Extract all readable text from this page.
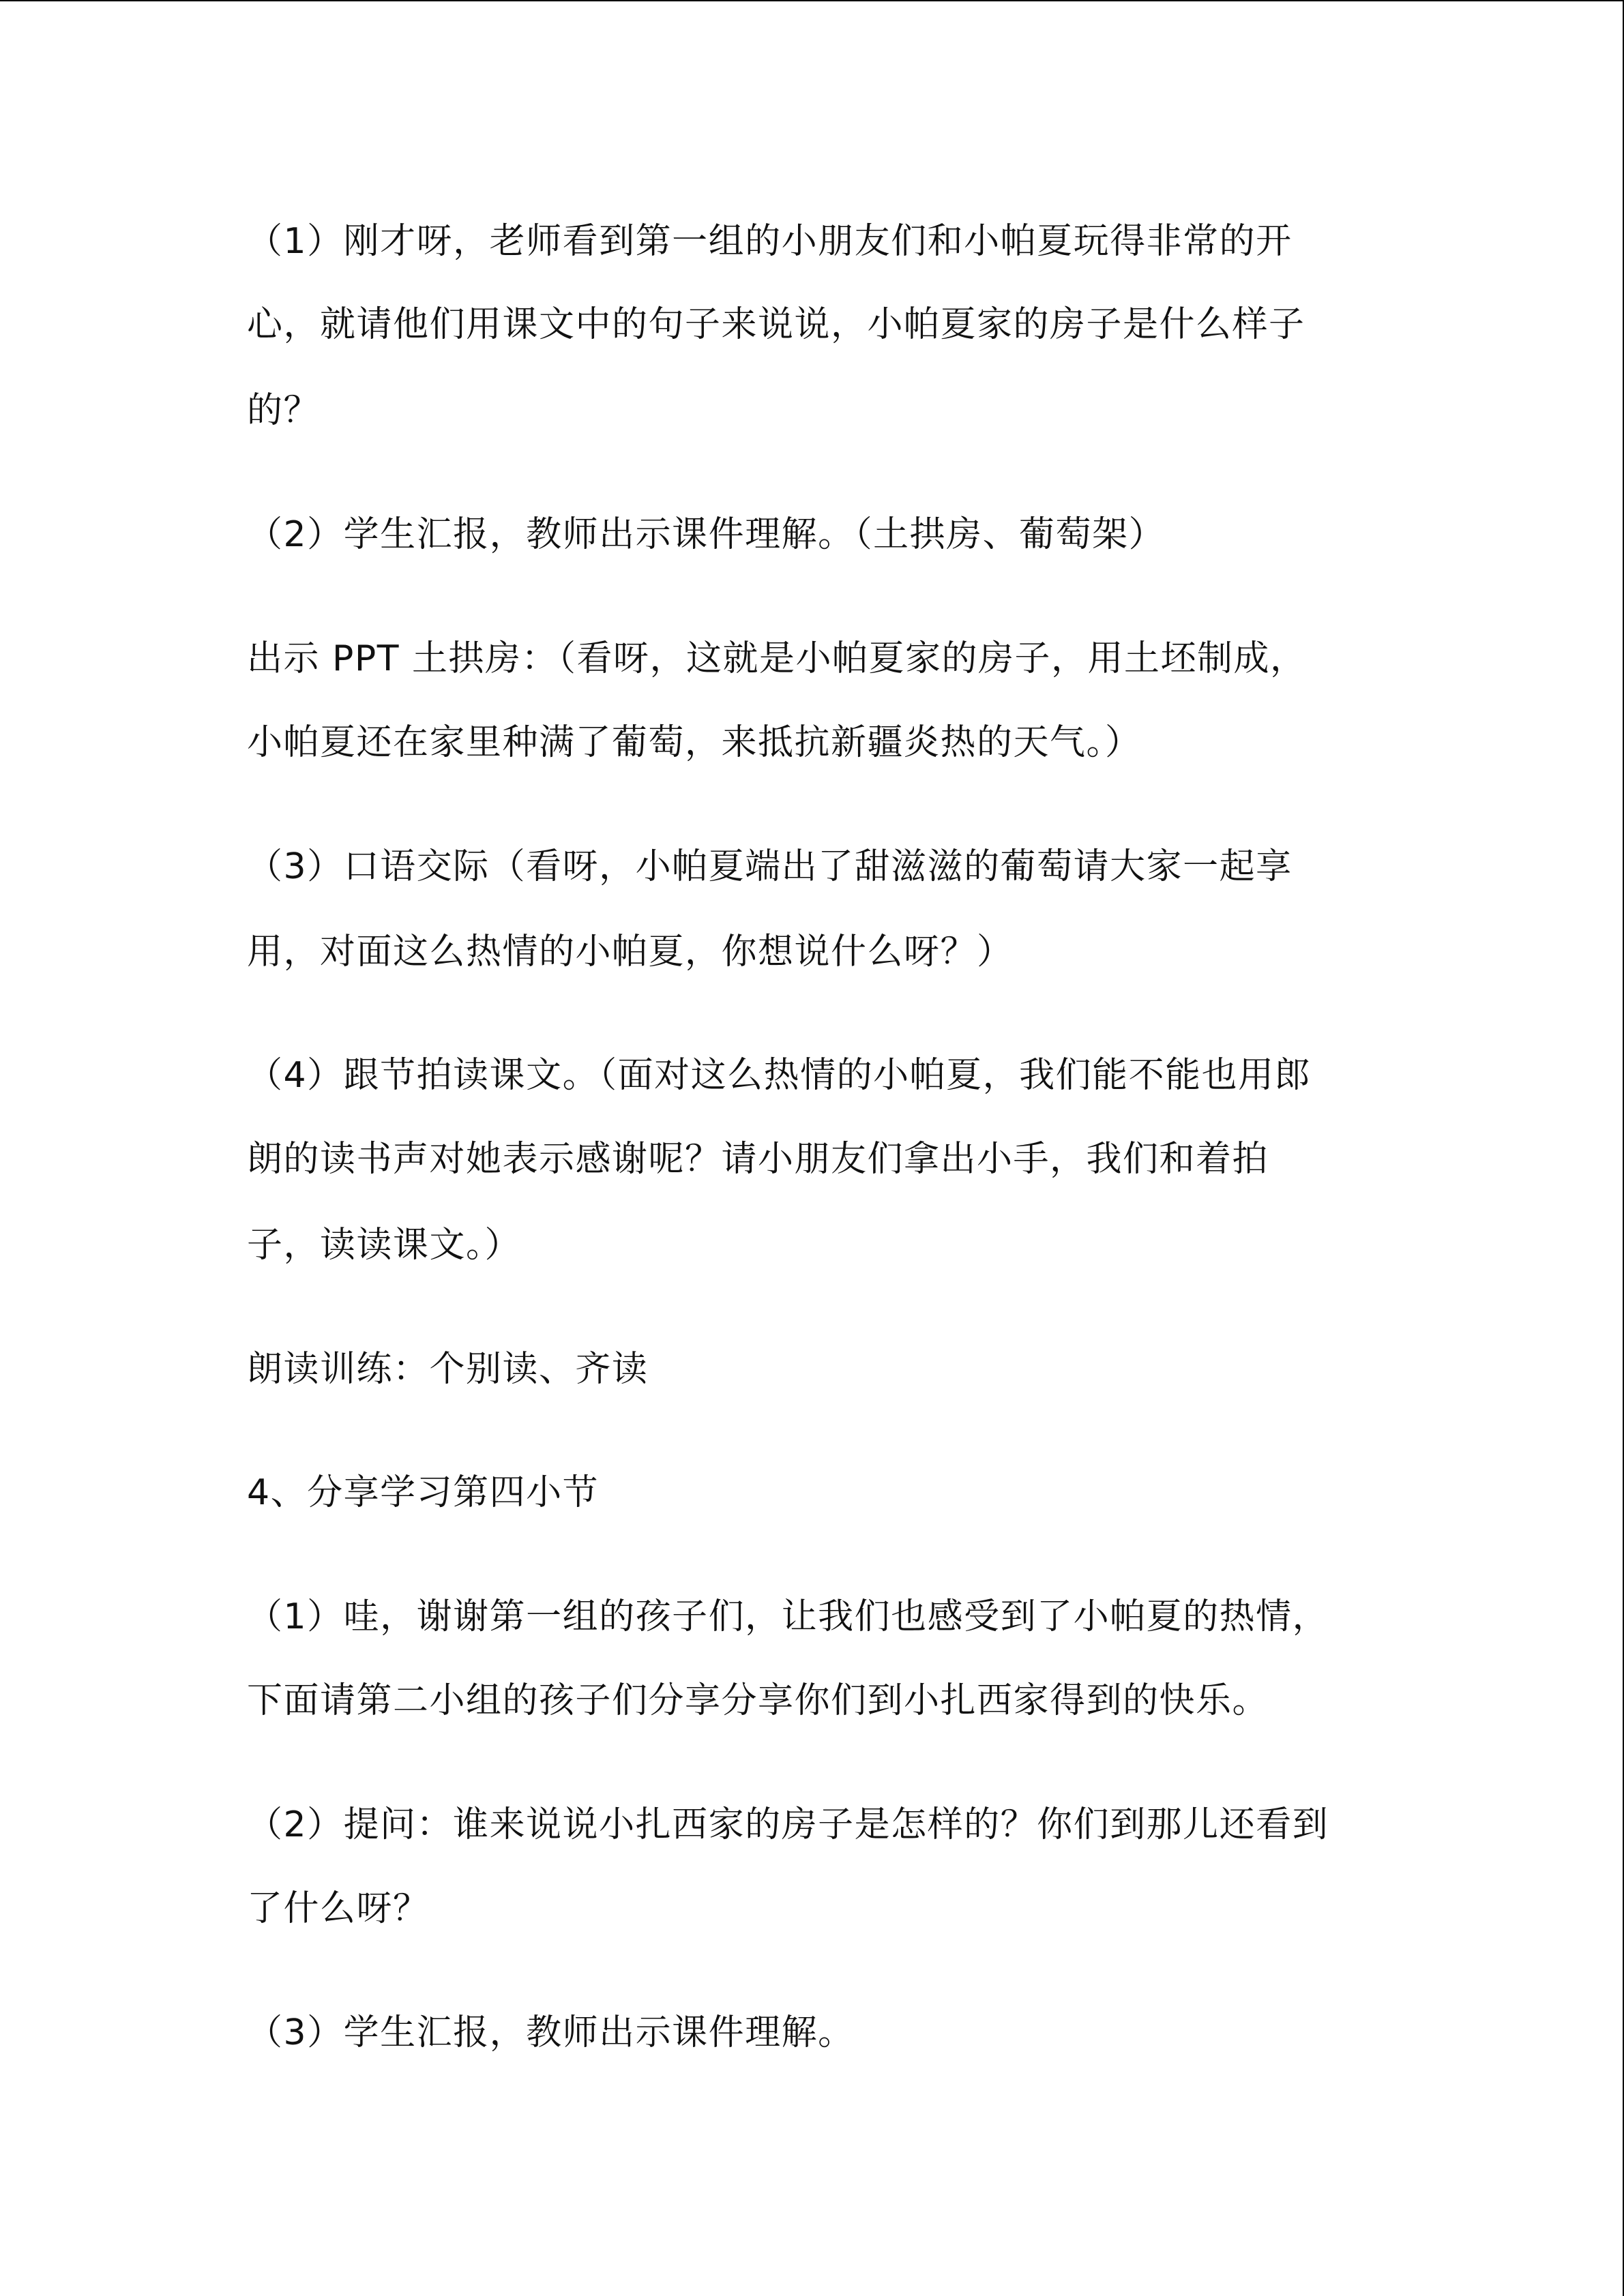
（1）刚才呀，老师看到第一组的小朋友们和小帕夏玩得非常的开

心，就请他们用课文中的句子来说说，小帕夏家的房子是什么样子

的？

（2）学生汇报，教师出示课件理解。（土拱房、葡萄架）

出示 PPT 土拱房：（看呀，这就是小帕夏家的房子，用土坯制成，

小帕夏还在家里种满了葡萄，来抵抗新疆炎热的天气。）

（3）口语交际（看呀，小帕夏端出了甜滋滋的葡萄请大家一起享

用，对面这么热情的小帕夏，你想说什么呀？）

（4）跟节拍读课文。（面对这么热情的小帕夏，我们能不能也用郎

朗的读书声对她表示感谢呢？请小朋友们拿出小手，我们和着拍

子，读读课文。）

朗读训练：个别读、齐读

4、分享学习第四小节

（1）哇，谢谢第一组的孩子们，让我们也感受到了小帕夏的热情，

下面请第二小组的孩子们分享分享你们到小扎西家得到的快乐。

（2）提问：谁来说说小扎西家的房子是怎样的？你们到那儿还看到

了什么呀？

（3）学生汇报，教师出示课件理解。
